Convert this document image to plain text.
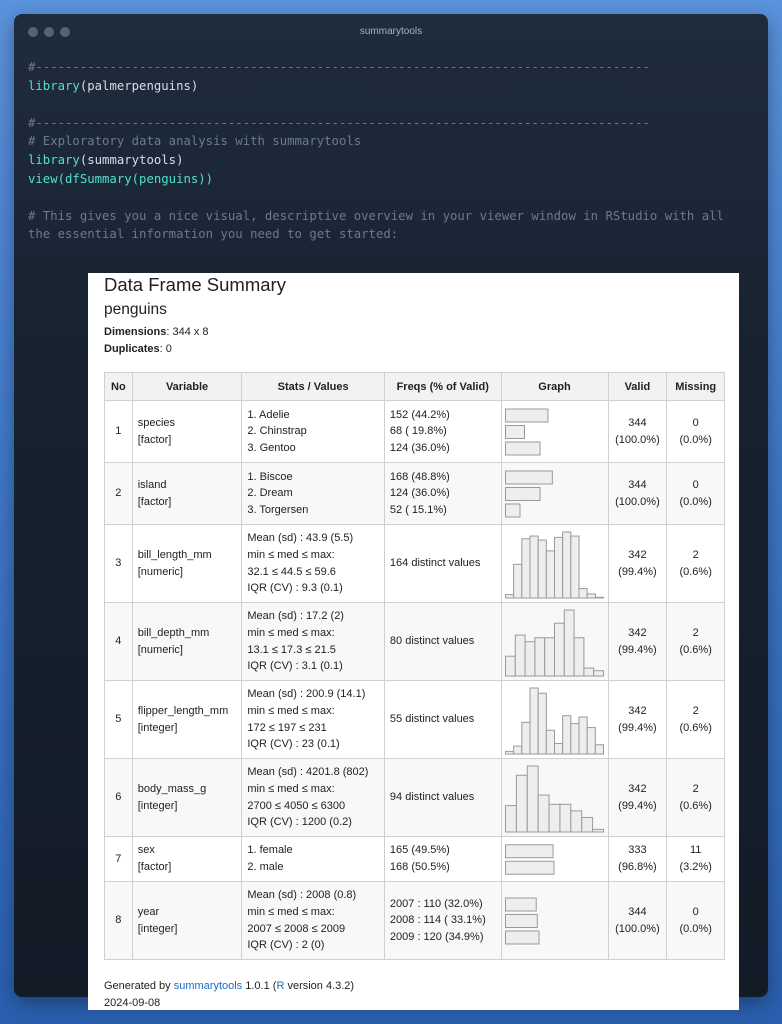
summarytools
#-----------------------------------------------------------------------------------
library(palmerpenguins)
#-----------------------------------------------------------------------------------
# Exploratory data analysis with summarytools
library(summarytools)
view(dfSummary(penguins))
# This gives you a nice visual, descriptive overview in your viewer window in RStudio with all
the essential information you need to get started:
Data Frame Summary
penguins
Dimensions: 344 x 8
Duplicates: 0
No	Variable	Stats / Values	Freqs (% of Valid)	Graph	Valid	Missing
1	species
[factor]	1. Adelie
2. Chinstrap
3. Gentoo	152 (44.2%)
68 ( 19.8%)
124 (36.0%)		344
(100.0%)	0
(0.0%)

2	island
[factor]	1. Biscoe
2. Dream
3. Torgersen	168 (48.8%)
124 (36.0%)
52 ( 15.1%)		344
(100.0%)	0
(0.0%)

3	bill_length_mm
[numeric]	Mean (sd) : 43.9 (5.5)
min ≤ med ≤ max:
32.1 ≤ 44.5 ≤ 59.6
IQR (CV) : 9.3 (0.1)	164 distinct values		342
(99.4%)	2
(0.6%)

4	bill_depth_mm
[numeric]	Mean (sd) : 17.2 (2)
min ≤ med ≤ max:
13.1 ≤ 17.3 ≤ 21.5
IQR (CV) : 3.1 (0.1)	80 distinct values		342
(99.4%)	2
(0.6%)

5	flipper_length_mm
[integer]	Mean (sd) : 200.9 (14.1)
min ≤ med ≤ max:
172 ≤ 197 ≤ 231
IQR (CV) : 23 (0.1)	55 distinct values		342
(99.4%)	2
(0.6%)

6	body_mass_g
[integer]	Mean (sd) : 4201.8 (802)
min ≤ med ≤ max:
2700 ≤ 4050 ≤ 6300
IQR (CV) : 1200 (0.2)	94 distinct values		342
(99.4%)	2
(0.6%)

7	sex
[factor]	1. female
2. male	165 (49.5%)
168 (50.5%)		333
(96.8%)	11
(3.2%)

8	year
[integer]	Mean (sd) : 2008 (0.8)
min ≤ med ≤ max:
2007 ≤ 2008 ≤ 2009
IQR (CV) : 2 (0)	2007 : 110 (32.0%)
2008 : 114 ( 33.1%)
2009 : 120 (34.9%)		344
(100.0%)	0
(0.0%)
Generated by summarytools 1.0.1 (R version 4.3.2)
2024-09-08
